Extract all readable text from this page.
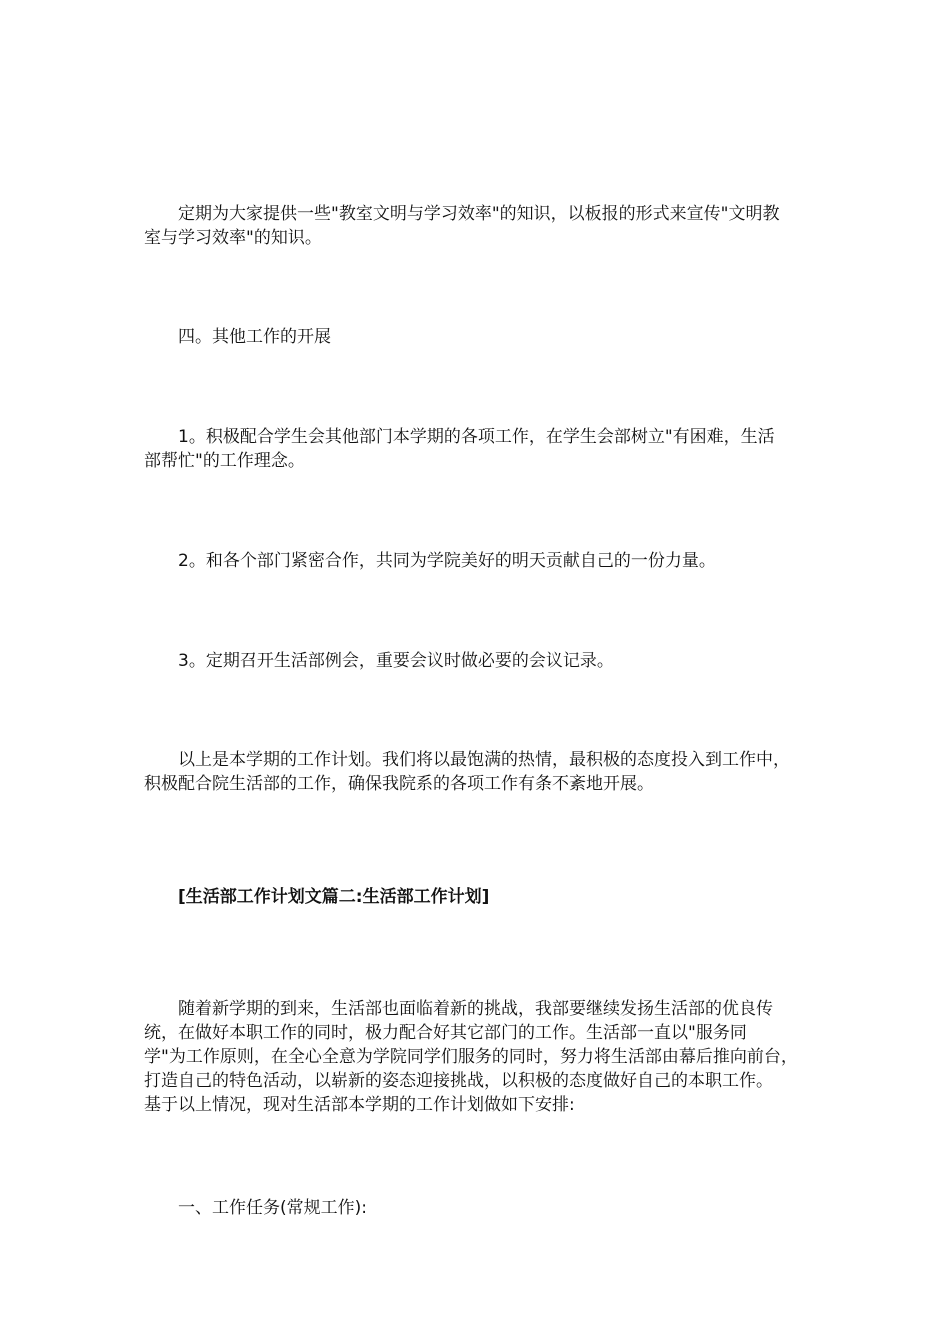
定期为大家提供一些"教室文明与学习效率"的知识，以板报的形式来宣传"文明教
室与学习效率"的知识。

四。其他工作的开展

1。积极配合学生会其他部门本学期的各项工作，在学生会部树立"有困难，生活
部帮忙"的工作理念。

2。和各个部门紧密合作，共同为学院美好的明天贡献自己的一份力量。

3。定期召开生活部例会，重要会议时做必要的会议记录。

以上是本学期的工作计划。我们将以最饱满的热情，最积极的态度投入到工作中，
积极配合院生活部的工作，确保我院系的各项工作有条不紊地开展。

[生活部工作计划文篇二:生活部工作计划]

随着新学期的到来，生活部也面临着新的挑战，我部要继续发扬生活部的优良传
统，在做好本职工作的同时，极力配合好其它部门的工作。生活部一直以"服务同
学"为工作原则，在全心全意为学院同学们服务的同时，努力将生活部由幕后推向前台，
打造自己的特色活动，以崭新的姿态迎接挑战，以积极的态度做好自己的本职工作。
基于以上情况，现对生活部本学期的工作计划做如下安排:

一、工作任务(常规工作):
